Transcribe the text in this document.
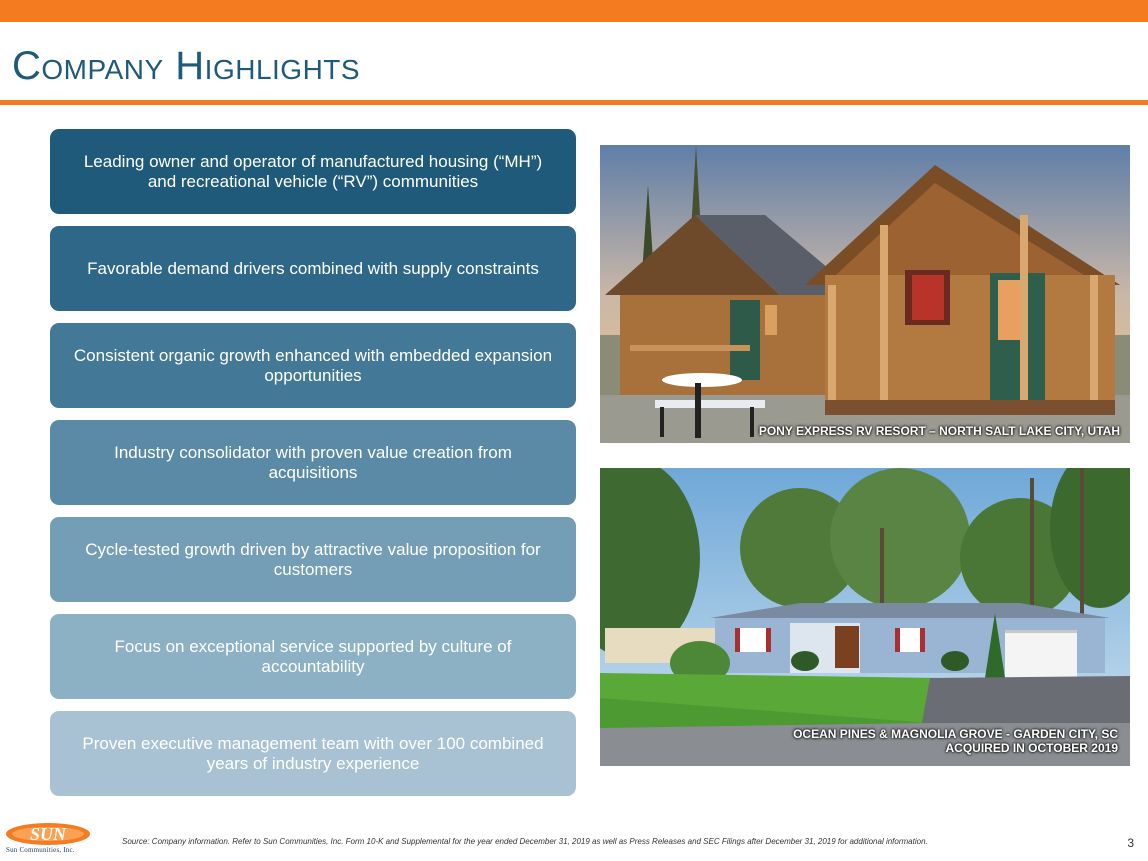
Company Highlights
Leading owner and operator of manufactured housing (“MH”) and recreational vehicle (“RV”) communities
Favorable demand drivers combined with supply constraints
Consistent organic growth enhanced with embedded expansion opportunities
Industry consolidator with proven value creation from acquisitions
Cycle-tested growth driven by attractive value proposition for customers
Focus on exceptional service supported by culture of accountability
Proven executive management team with over 100 combined years of industry experience
PONY EXPRESS RV RESORT – NORTH SALT LAKE CITY, UTAH
OCEAN PINES & MAGNOLIA GROVE - GARDEN CITY, SC
ACQUIRED IN OCTOBER 2019
SUN
Sun Communities, Inc.
Source: Company information. Refer to Sun Communities, Inc. Form 10-K and Supplemental for the year ended December 31, 2019 as well as Press Releases and SEC Filings after December 31, 2019 for additional information.	3
